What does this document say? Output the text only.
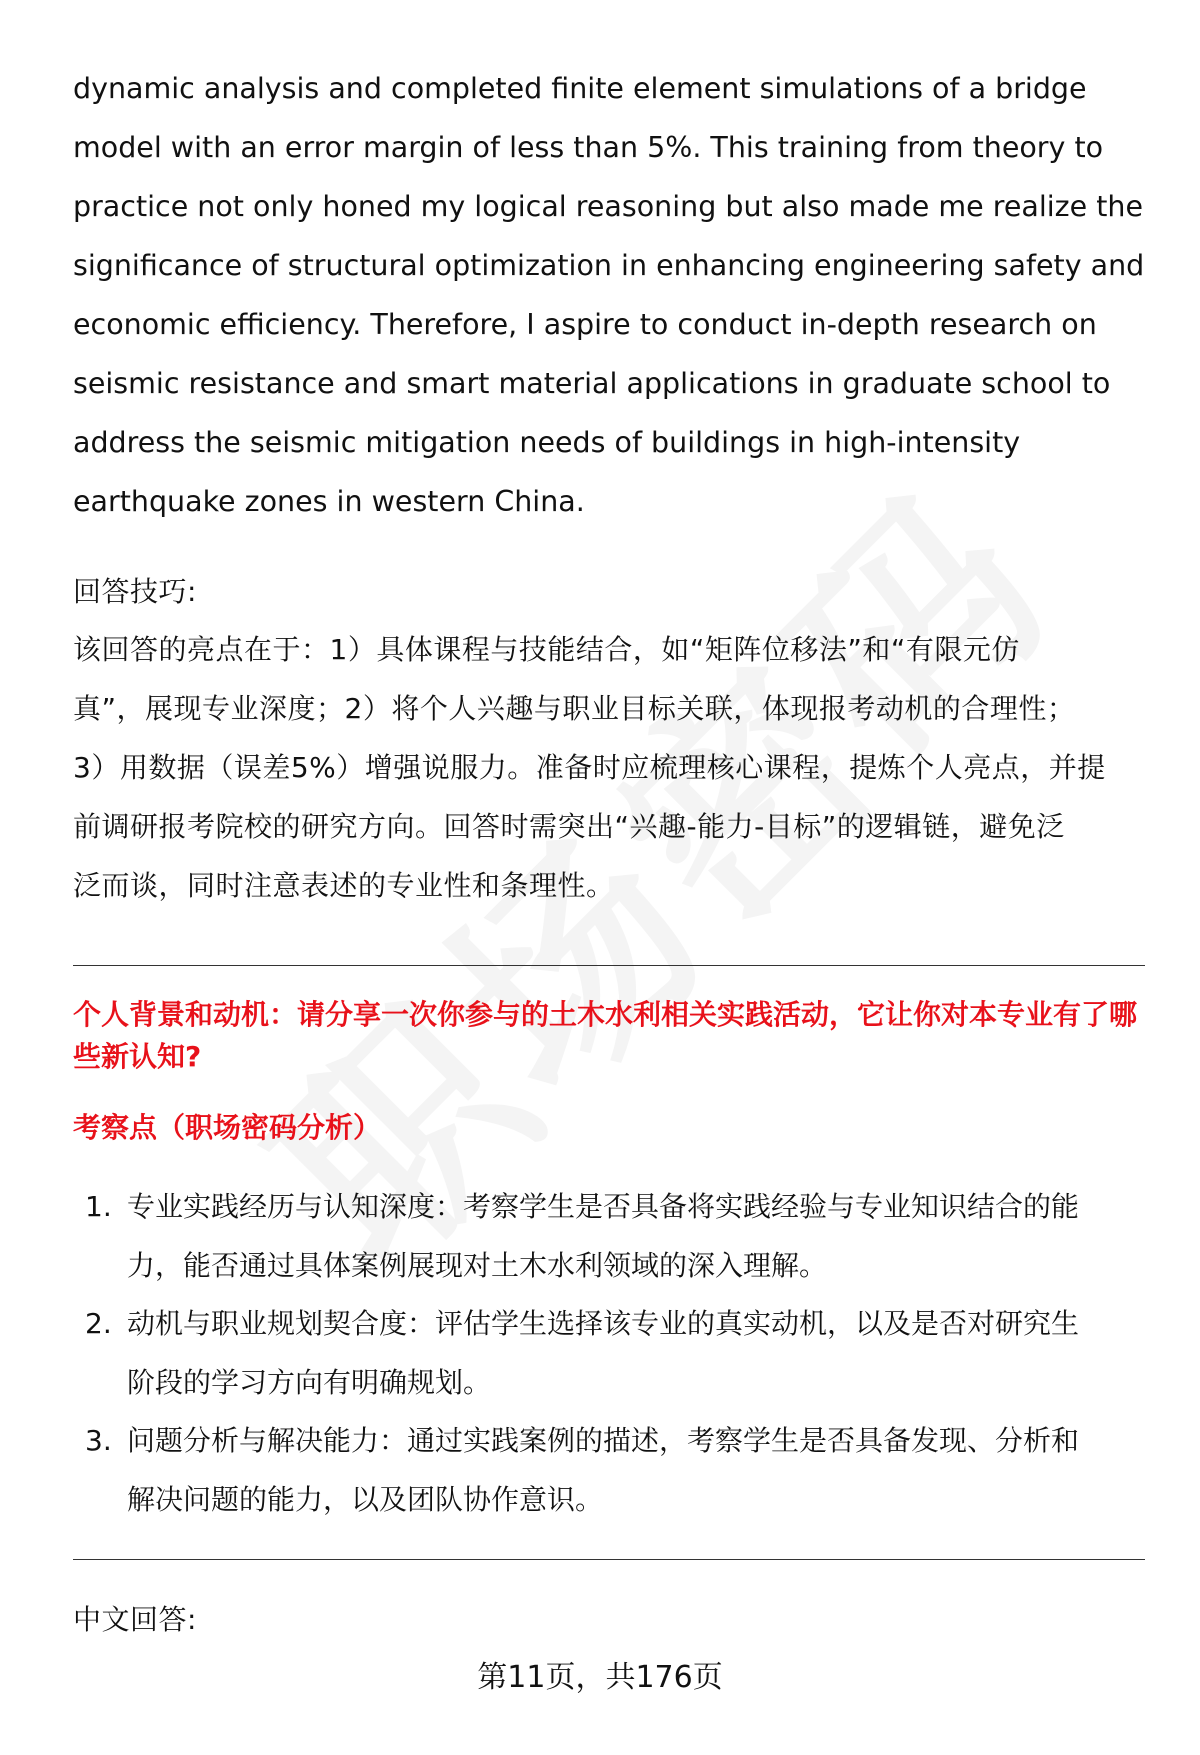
dynamic analysis and completed finite element simulations of a bridge
model with an error margin of less than 5%. This training from theory to
practice not only honed my logical reasoning but also made me realize the
significance of structural optimization in enhancing engineering safety and
economic efficiency. Therefore, I aspire to conduct in-depth research on
seismic resistance and smart material applications in graduate school to
address the seismic mitigation needs of buildings in high-intensity
earthquake zones in western China.
回答技巧:
该回答的亮点在于：1）具体课程与技能结合，如“矩阵位移法”和“有限元仿
真”，展现专业深度；2）将个人兴趣与职业目标关联，体现报考动机的合理性；
3）用数据（误差5%）增强说服力。准备时应梳理核心课程，提炼个人亮点，并提
前调研报考院校的研究方向。回答时需突出“兴趣-能力-目标”的逻辑链，避免泛
泛而谈，同时注意表述的专业性和条理性。
个人背景和动机：请分享一次你参与的土木水利相关实践活动，它让你对本专业有了哪些新认知?
考察点（职场密码分析）
1. 专业实践经历与认知深度：考察学生是否具备将实践经验与专业知识结合的能
力，能否通过具体案例展现对土木水利领域的深入理解。
2. 动机与职业规划契合度：评估学生选择该专业的真实动机，以及是否对研究生
阶段的学习方向有明确规划。
3. 问题分析与解决能力：通过实践案例的描述，考察学生是否具备发现、分析和
解决问题的能力，以及团队协作意识。
中文回答:
第11页，共176页
